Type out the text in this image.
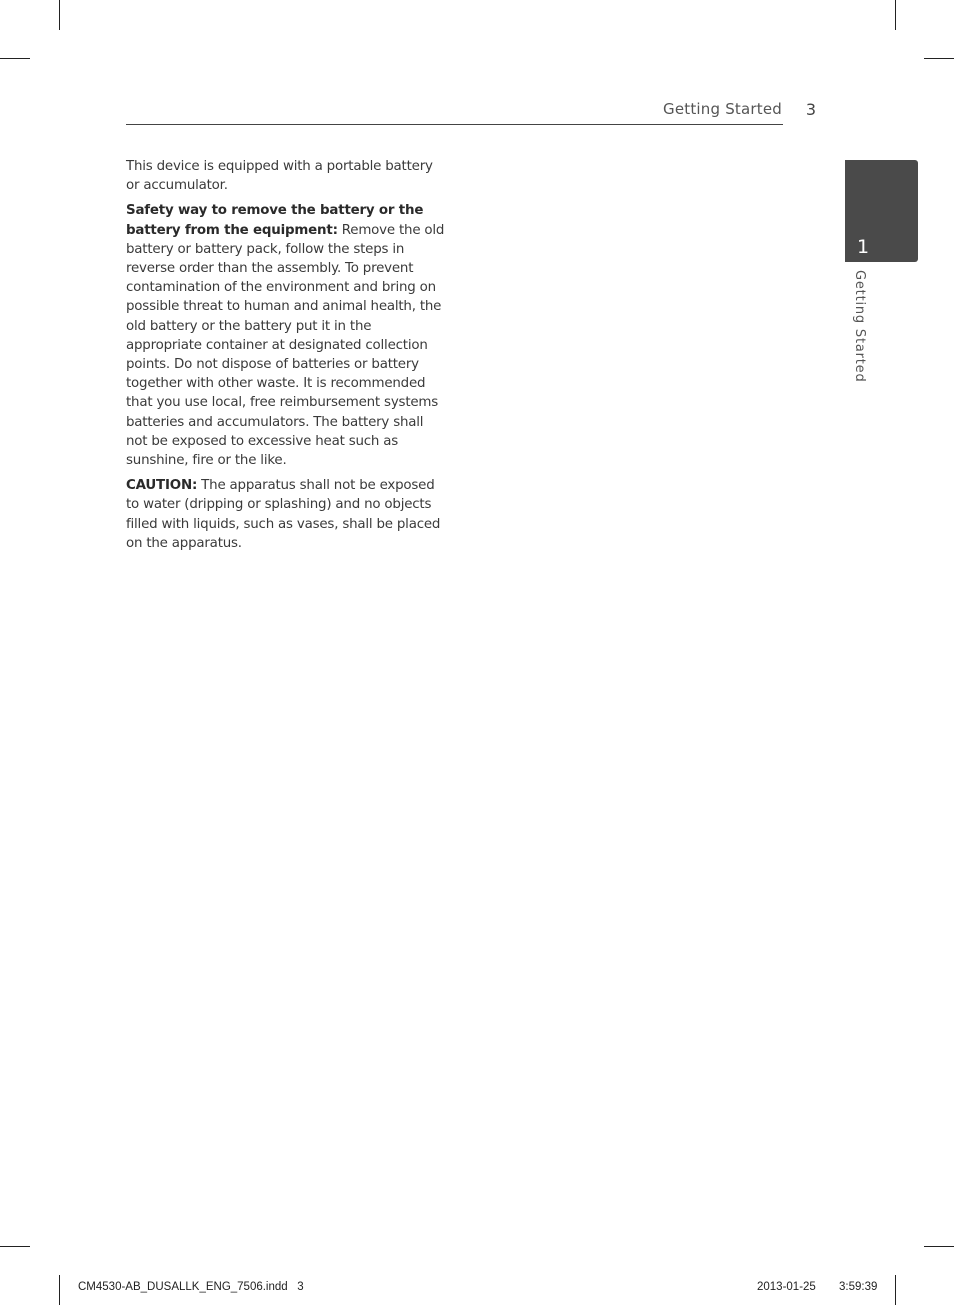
Getting Started	3
1
Getting Started

This device is equipped with a portable battery or accumulator.

Safety way to remove the battery or the battery from the equipment: Remove the old battery or battery pack, follow the steps in reverse order than the assembly. To prevent contamination of the environment and bring on possible threat to human and animal health, the old battery or the battery put it in the appropriate container at designated collection points. Do not dispose of batteries or battery together with other waste. It is recommended that you use local, free reimbursement systems batteries and accumulators. The battery shall not be exposed to excessive heat such as sunshine, fire or the like.

CAUTION: The apparatus shall not be exposed to water (dripping or splashing) and no objects filled with liquids, such as vases, shall be placed on the apparatus.

CM4530-AB_DUSALLK_ENG_7506.indd   3	2013-01-25 3:59:39
